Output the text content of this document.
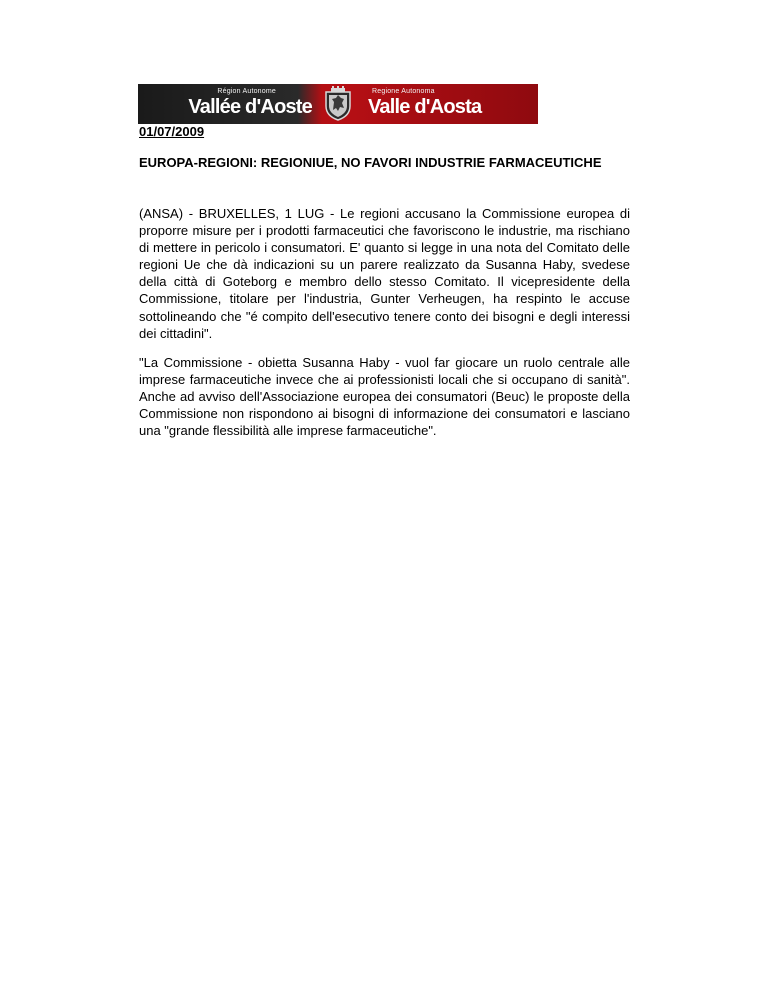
Région Autonome
Vallée d'Aoste
Regione Autonoma
Valle d'Aosta
01/07/2009
EUROPA-REGIONI: REGIONIUE, NO FAVORI INDUSTRIE FARMACEUTICHE

(ANSA) - BRUXELLES, 1 LUG - Le regioni accusano la Commissione europea di proporre misure per i prodotti farmaceutici che favoriscono le industrie, ma rischiano di mettere in pericolo i consumatori. E' quanto si legge in una nota del Comitato delle regioni Ue che dà indicazioni su un parere realizzato da Susanna Haby, svedese della città di Goteborg e membro dello stesso Comitato. Il vicepresidente della Commissione, titolare per l'industria, Gunter Verheugen, ha respinto le accuse sottolineando che "é compito dell'esecutivo tenere conto dei bisogni e degli interessi dei cittadini".

"La Commissione - obietta Susanna Haby - vuol far giocare un ruolo centrale alle imprese farmaceutiche invece che ai professionisti locali che si occupano di sanità". Anche ad avviso dell'Associazione europea dei consumatori (Beuc) le proposte della Commissione non rispondono ai bisogni di informazione dei consumatori e lasciano una "grande flessibilità alle imprese farmaceutiche".
